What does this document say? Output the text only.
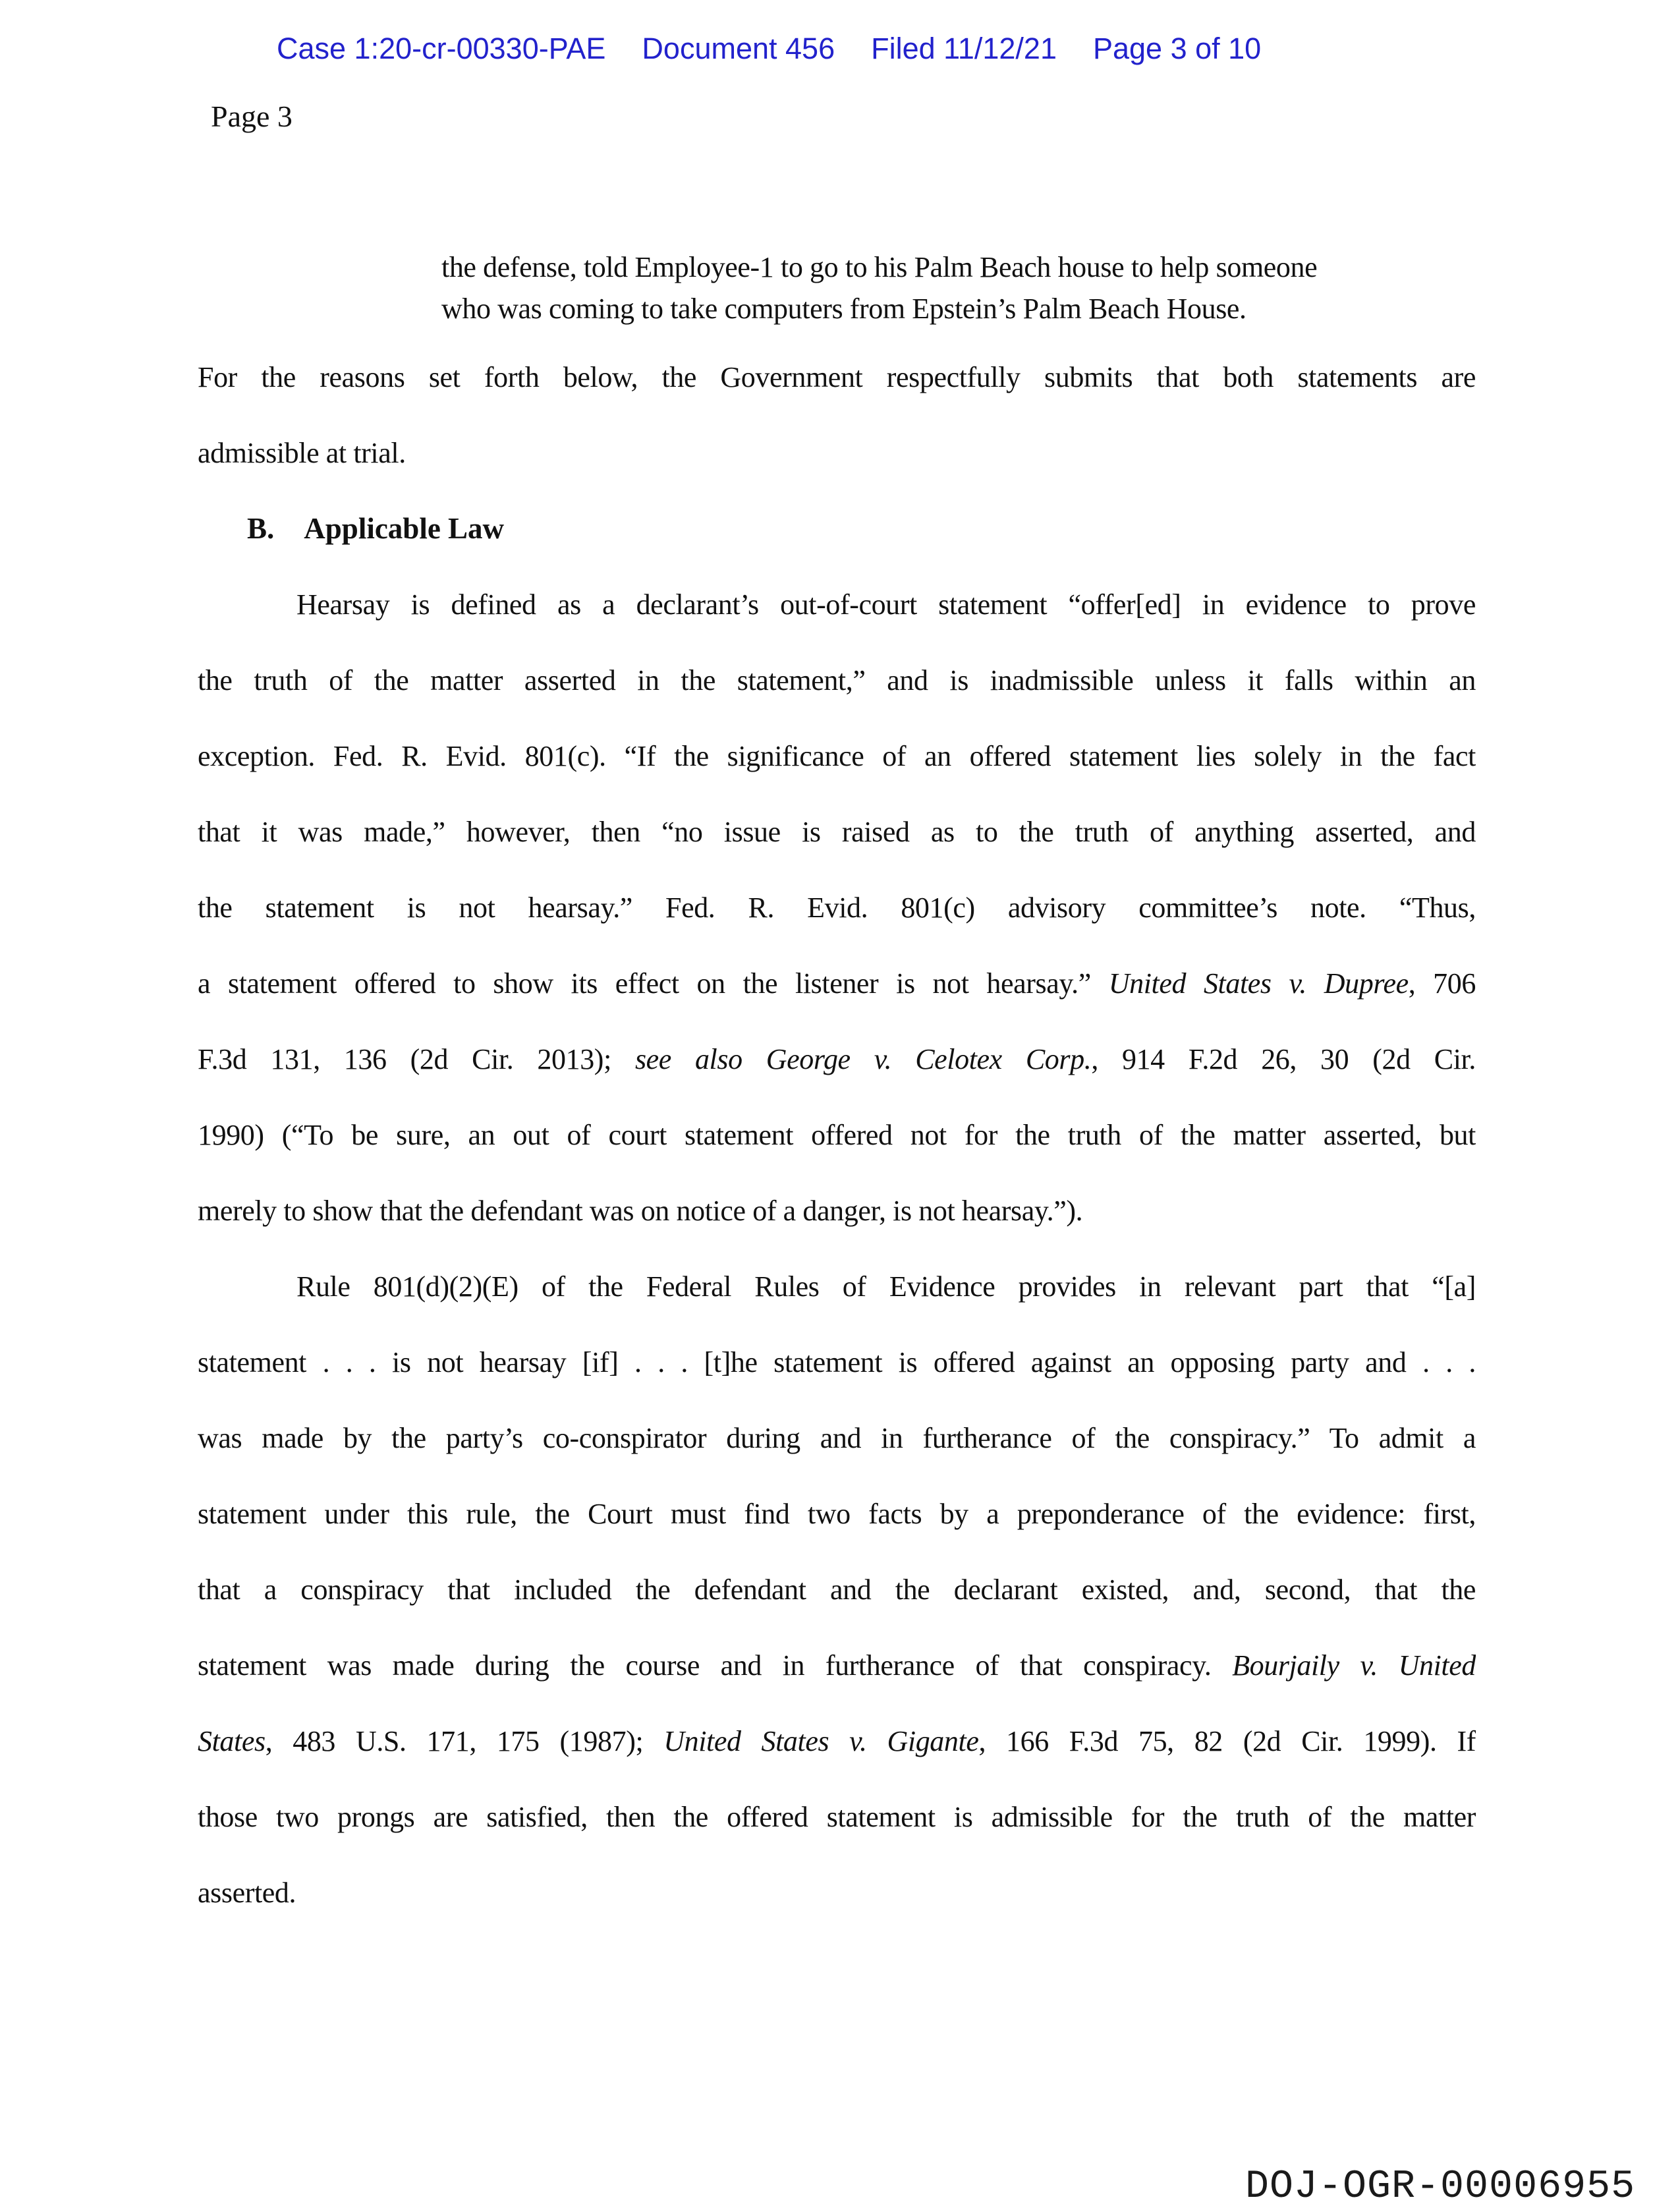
Case 1:20-cr-00330-PAE Document 456 Filed 11/12/21 Page 3 of 10
Page 3
the defense, told Employee-1 to go to his Palm Beach house to help someone
who was coming to take computers from Epstein’s Palm Beach House.
For the reasons set forth below, the Government respectfully submits that both statements are
admissible at trial.
B. Applicable Law
Hearsay is defined as a declarant’s out-of-court statement “offer[ed] in evidence to prove
the truth of the matter asserted in the statement,” and is inadmissible unless it falls within an
exception. Fed. R. Evid. 801(c). “If the significance of an offered statement lies solely in the fact
that it was made,” however, then “no issue is raised as to the truth of anything asserted, and
the statement is not hearsay.” Fed. R. Evid. 801(c) advisory committee’s note. “Thus,
a statement offered to show its effect on the listener is not hearsay.” United States v. Dupree, 706
F.3d 131, 136 (2d Cir. 2013); see also George v. Celotex Corp., 914 F.2d 26, 30 (2d Cir.
1990) (“To be sure, an out of court statement offered not for the truth of the matter asserted, but
merely to show that the defendant was on notice of a danger, is not hearsay.”).
Rule 801(d)(2)(E) of the Federal Rules of Evidence provides in relevant part that “[a]
statement . . . is not hearsay [if] . . . [t]he statement is offered against an opposing party and . . .
was made by the party’s co-conspirator during and in furtherance of the conspiracy.” To admit a
statement under this rule, the Court must find two facts by a preponderance of the evidence: first,
that a conspiracy that included the defendant and the declarant existed, and, second, that the
statement was made during the course and in furtherance of that conspiracy. Bourjaily v. United
States, 483 U.S. 171, 175 (1987); United States v. Gigante, 166 F.3d 75, 82 (2d Cir. 1999). If
those two prongs are satisfied, then the offered statement is admissible for the truth of the matter
asserted.
DOJ-OGR-00006955
